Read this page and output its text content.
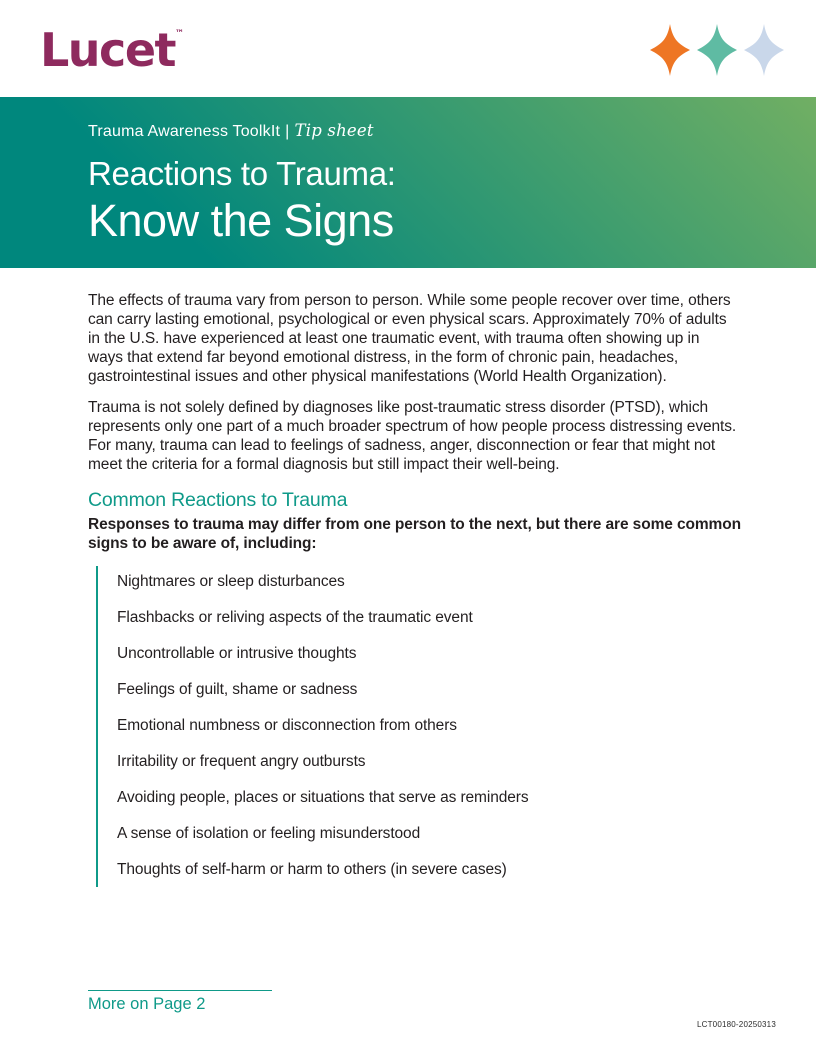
Lucet™
Trauma Awareness ToolkIt | Tip sheet
Reactions to Trauma:
Know the Signs

The effects of trauma vary from person to person. While some people recover over time, others can carry lasting emotional, psychological or even physical scars. Approximately 70% of adults in the U.S. have experienced at least one traumatic event, with trauma often showing up in ways that extend far beyond emotional distress, in the form of chronic pain, headaches, gastrointestinal issues and other physical manifestations (World Health Organization).

Trauma is not solely defined by diagnoses like post-traumatic stress disorder (PTSD), which represents only one part of a much broader spectrum of how people process distressing events. For many, trauma can lead to feelings of sadness, anger, disconnection or fear that might not meet the criteria for a formal diagnosis but still impact their well-being.

Common Reactions to Trauma
Responses to trauma may differ from one person to the next, but there are some common signs to be aware of, including:
Nightmares or sleep disturbances
Flashbacks or reliving aspects of the traumatic event
Uncontrollable or intrusive thoughts
Feelings of guilt, shame or sadness
Emotional numbness or disconnection from others
Irritability or frequent angry outbursts
Avoiding people, places or situations that serve as reminders
A sense of isolation or feeling misunderstood
Thoughts of self-harm or harm to others (in severe cases)
More on Page 2
LCT00180-20250313
